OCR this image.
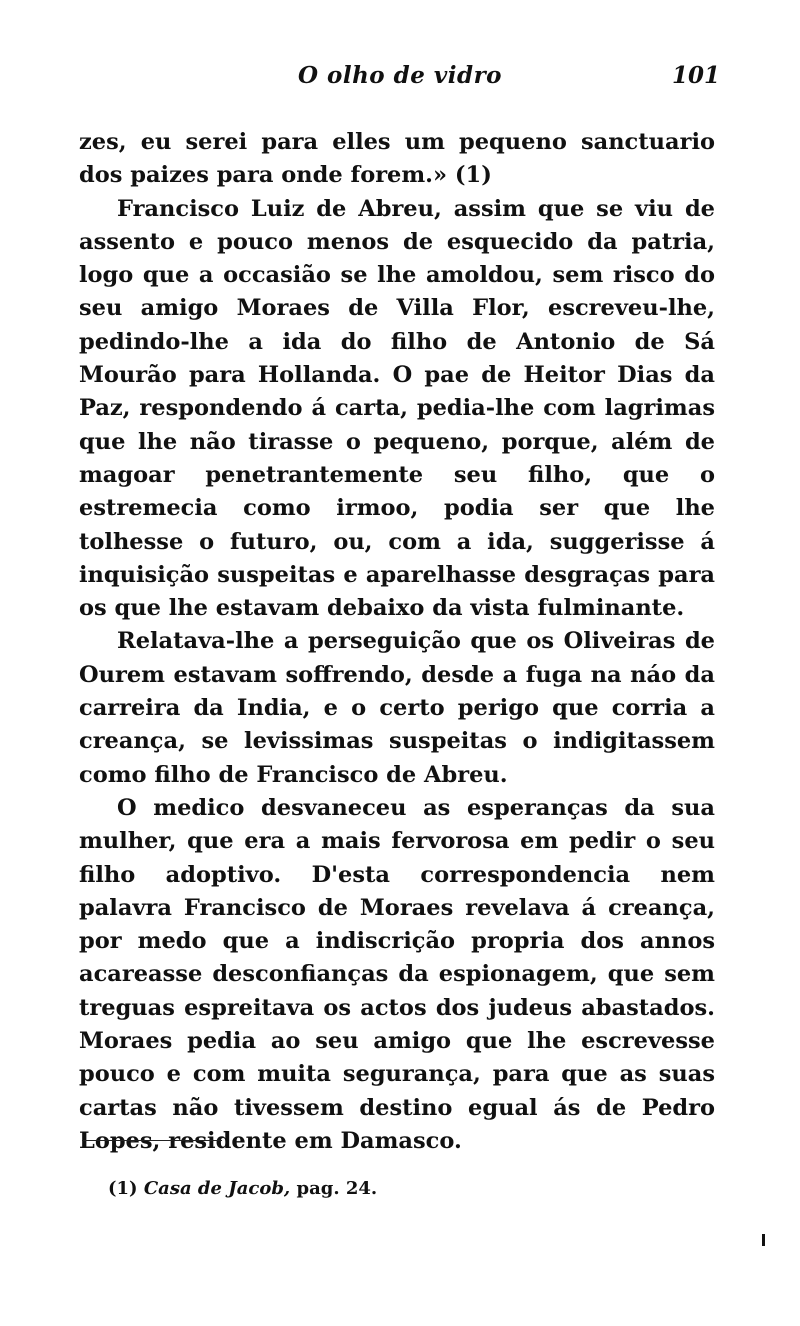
O olho de vidro	101

zes, eu serei para elles um pequeno sanctuario dos paizes para onde forem.» (1)

Francisco Luiz de Abreu, assim que se viu de assento e pouco menos de esquecido da patria, logo que a occasião se lhe amoldou, sem risco do seu amigo Moraes de Villa Flor, escreveu-lhe, pedindo-lhe a ida do filho de Antonio de Sá Mourão para Hollanda. O pae de Heitor Dias da Paz, respondendo á carta, pedia-lhe com lagrimas que lhe não tirasse o pequeno, porque, além de magoar penetrantemente seu filho, que o estremecia como irmoo, podia ser que lhe tolhesse o futuro, ou, com a ida, suggerisse á inquisição suspeitas e aparelhasse desgraças para os que lhe estavam debaixo da vista fulminante.

Relatava-lhe a perseguição que os Oliveiras de Ourem estavam soffrendo, desde a fuga na náo da carreira da India, e o certo perigo que corria a creança, se levissimas suspeitas o indigitassem como filho de Francisco de Abreu.

O medico desvaneceu as esperanças da sua mulher, que era a mais fervorosa em pedir o seu filho adoptivo. D'esta correspondencia nem palavra Francisco de Moraes revelava á creança, por medo que a indiscrição propria dos annos acareasse desconfianças da espionagem, que sem treguas espreitava os actos dos judeus abastados. Moraes pedia ao seu amigo que lhe escrevesse pouco e com muita segurança, para que as suas cartas não tivessem destino egual ás de Pedro Lopes, residente em Damasco.

(1) Casa de Jacob, pag. 24.
